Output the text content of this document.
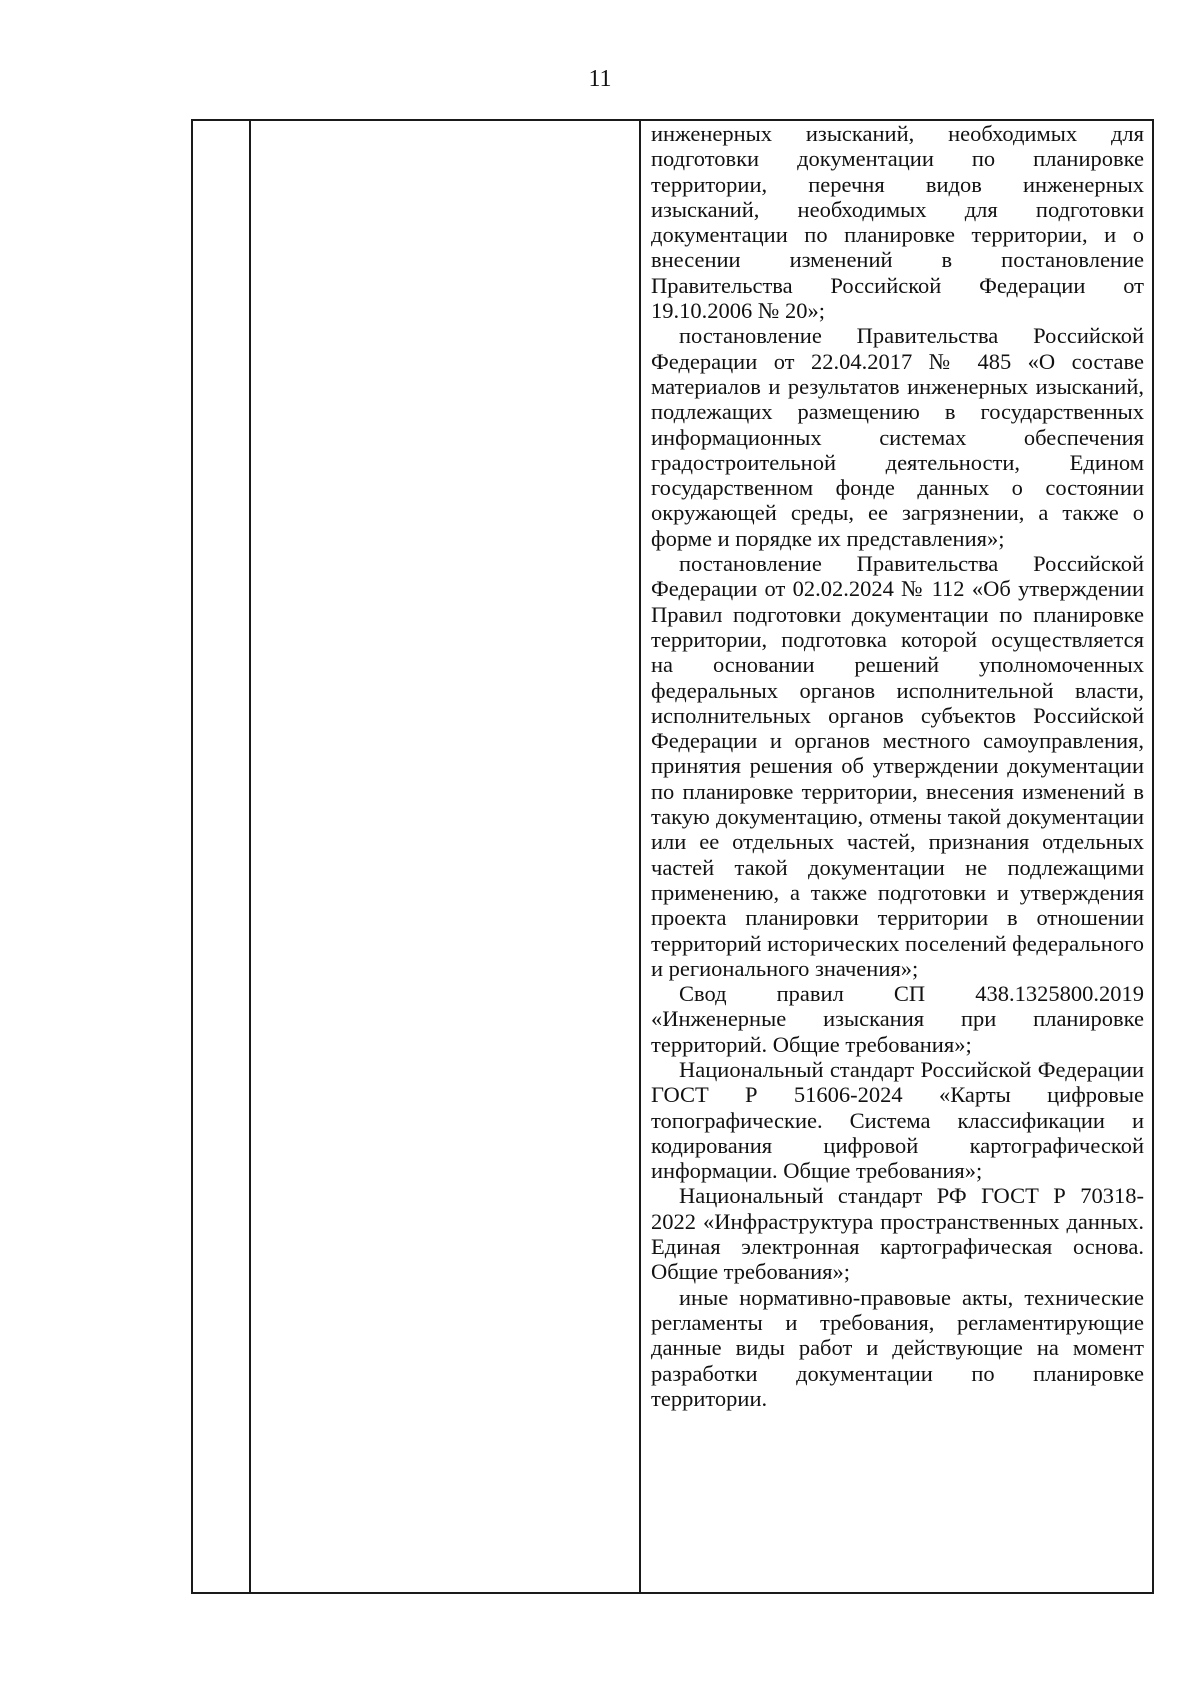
11

инженерных изысканий, необходимых для подготовки документации по планировке территории, перечня видов инженерных изысканий, необходимых для подготовки документации по планировке территории, и о внесении изменений в постановление Правительства Российской Федерации от 19.10.2006 № 20»;

постановление Правительства Российской Федерации от 22.04.2017 № 485 «О составе материалов и результатов инженерных изысканий, подлежащих размещению в государственных информационных системах обеспечения градостроительной деятельности, Едином государственном фонде данных о состоянии окружающей среды, ее загрязнении, а также о форме и порядке их представления»;

постановление Правительства Российской Федерации от 02.02.2024 № 112 «Об утверждении Правил подготовки документации по планировке территории, подготовка которой осуществляется на основании решений уполномоченных федеральных органов исполнительной власти, исполнительных органов субъектов Российской Федерации и органов местного самоуправления, принятия решения об утверждении документации по планировке территории, внесения изменений в такую документацию, отмены такой документации или ее отдельных частей, признания отдельных частей такой документации не подлежащими применению, а также подготовки и утверждения проекта планировки территории в отношении территорий исторических поселений федерального и регионального значения»;

Свод правил СП 438.1325800.2019 «Инженерные изыскания при планировке территорий. Общие требования»;

Национальный стандарт Российской Федерации ГОСТ Р 51606-2024 «Карты цифровые топографические. Система классификации и кодирования цифровой картографической информации. Общие требования»;

Национальный стандарт РФ ГОСТ Р 70318-2022 «Инфраструктура пространственных данных. Единая электронная картографическая основа. Общие требования»;

иные нормативно-правовые акты, технические регламенты и требования, регламентирующие данные виды работ и действующие на момент разработки документации по планировке территории.
